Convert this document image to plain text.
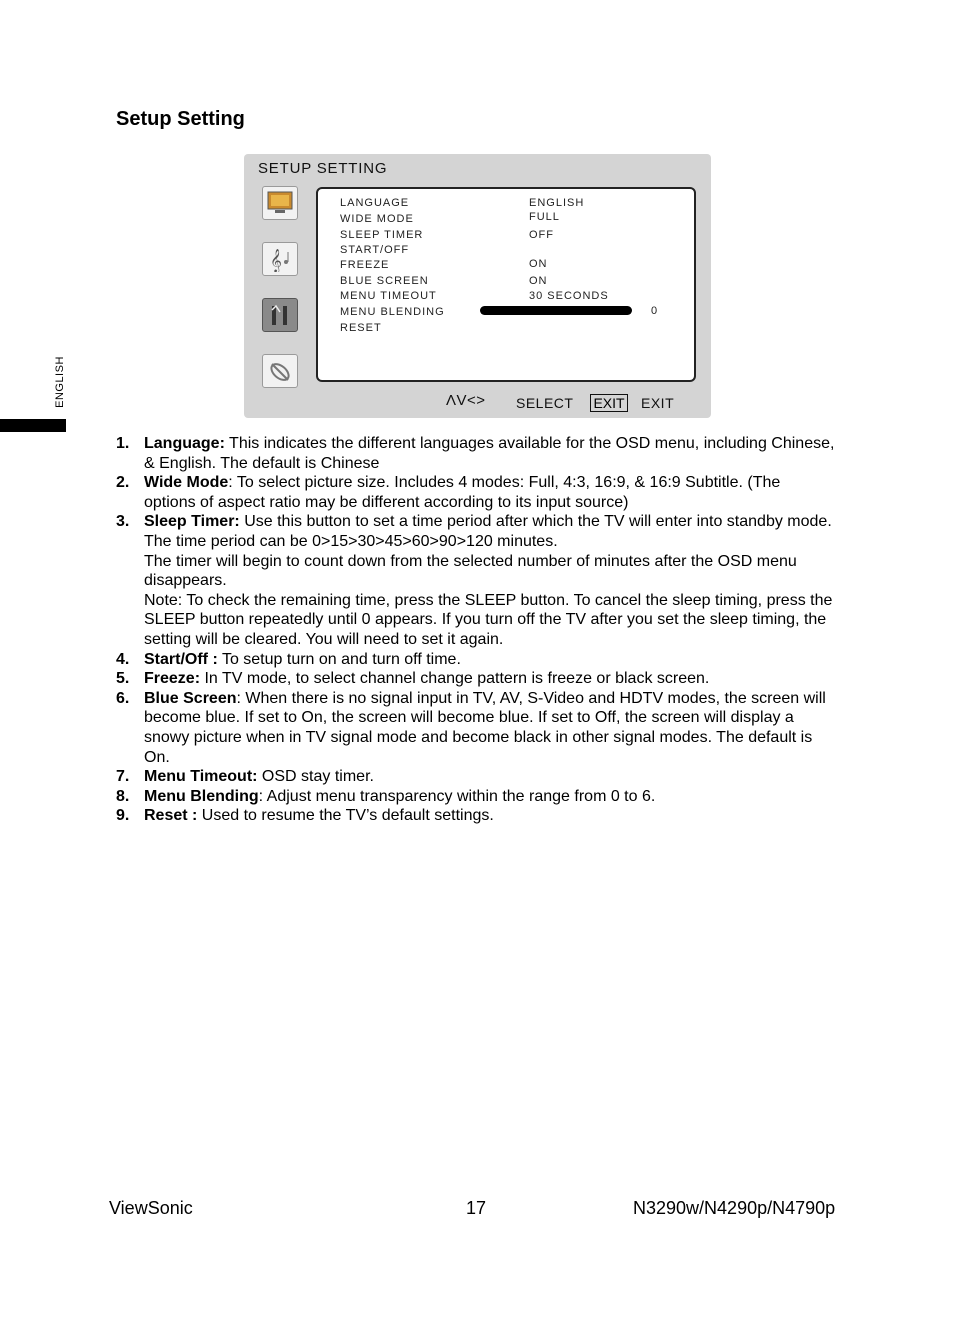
ENGLISH
Setup Setting
SETUP SETTING
𝄞
LANGUAGE	ENGLISH
WIDE MODE	FULL
SLEEP TIMER	OFF
START/OFF
FREEZE	ON
BLUE SCREEN	ON
MENU TIMEOUT	30 SECONDS
MENU BLENDING	0
RESET
ΛV<> SELECT EXIT EXIT
1. Language: This indicates the different languages available for the OSD menu, including Chinese, & English. The default is Chinese

2. Wide Mode: To select picture size. Includes 4 modes: Full, 4:3, 16:9, & 16:9 Subtitle. (The options of aspect ratio may be different according to its input source)

3. Sleep Timer: Use this button to set a time period after which the TV will enter into standby mode. The time period can be 0>15>30>45>60>90>120 minutes.

The timer will begin to count down from the selected number of minutes after the OSD menu disappears.

Note: To check the remaining time, press the SLEEP button. To cancel the sleep timing, press the SLEEP button repeatedly until 0 appears. If you turn off the TV after you set the sleep timing, the setting will be cleared. You will need to set it again.

4. Start/Off : To setup turn on and turn off time.

5. Freeze: In TV mode, to select channel change pattern is freeze or black screen.

6. Blue Screen: When there is no signal input in TV, AV, S-Video and HDTV modes, the screen will become blue. If set to On, the screen will become blue. If set to Off, the screen will display a snowy picture when in TV signal mode and become black in other signal modes. The default is On.

7. Menu Timeout: OSD stay timer.

8. Menu Blending: Adjust menu transparency within the range from 0 to 6.

9. Reset : Used to resume the TV’s default settings.

ViewSonic	17	N3290w/N4290p/N4790p
